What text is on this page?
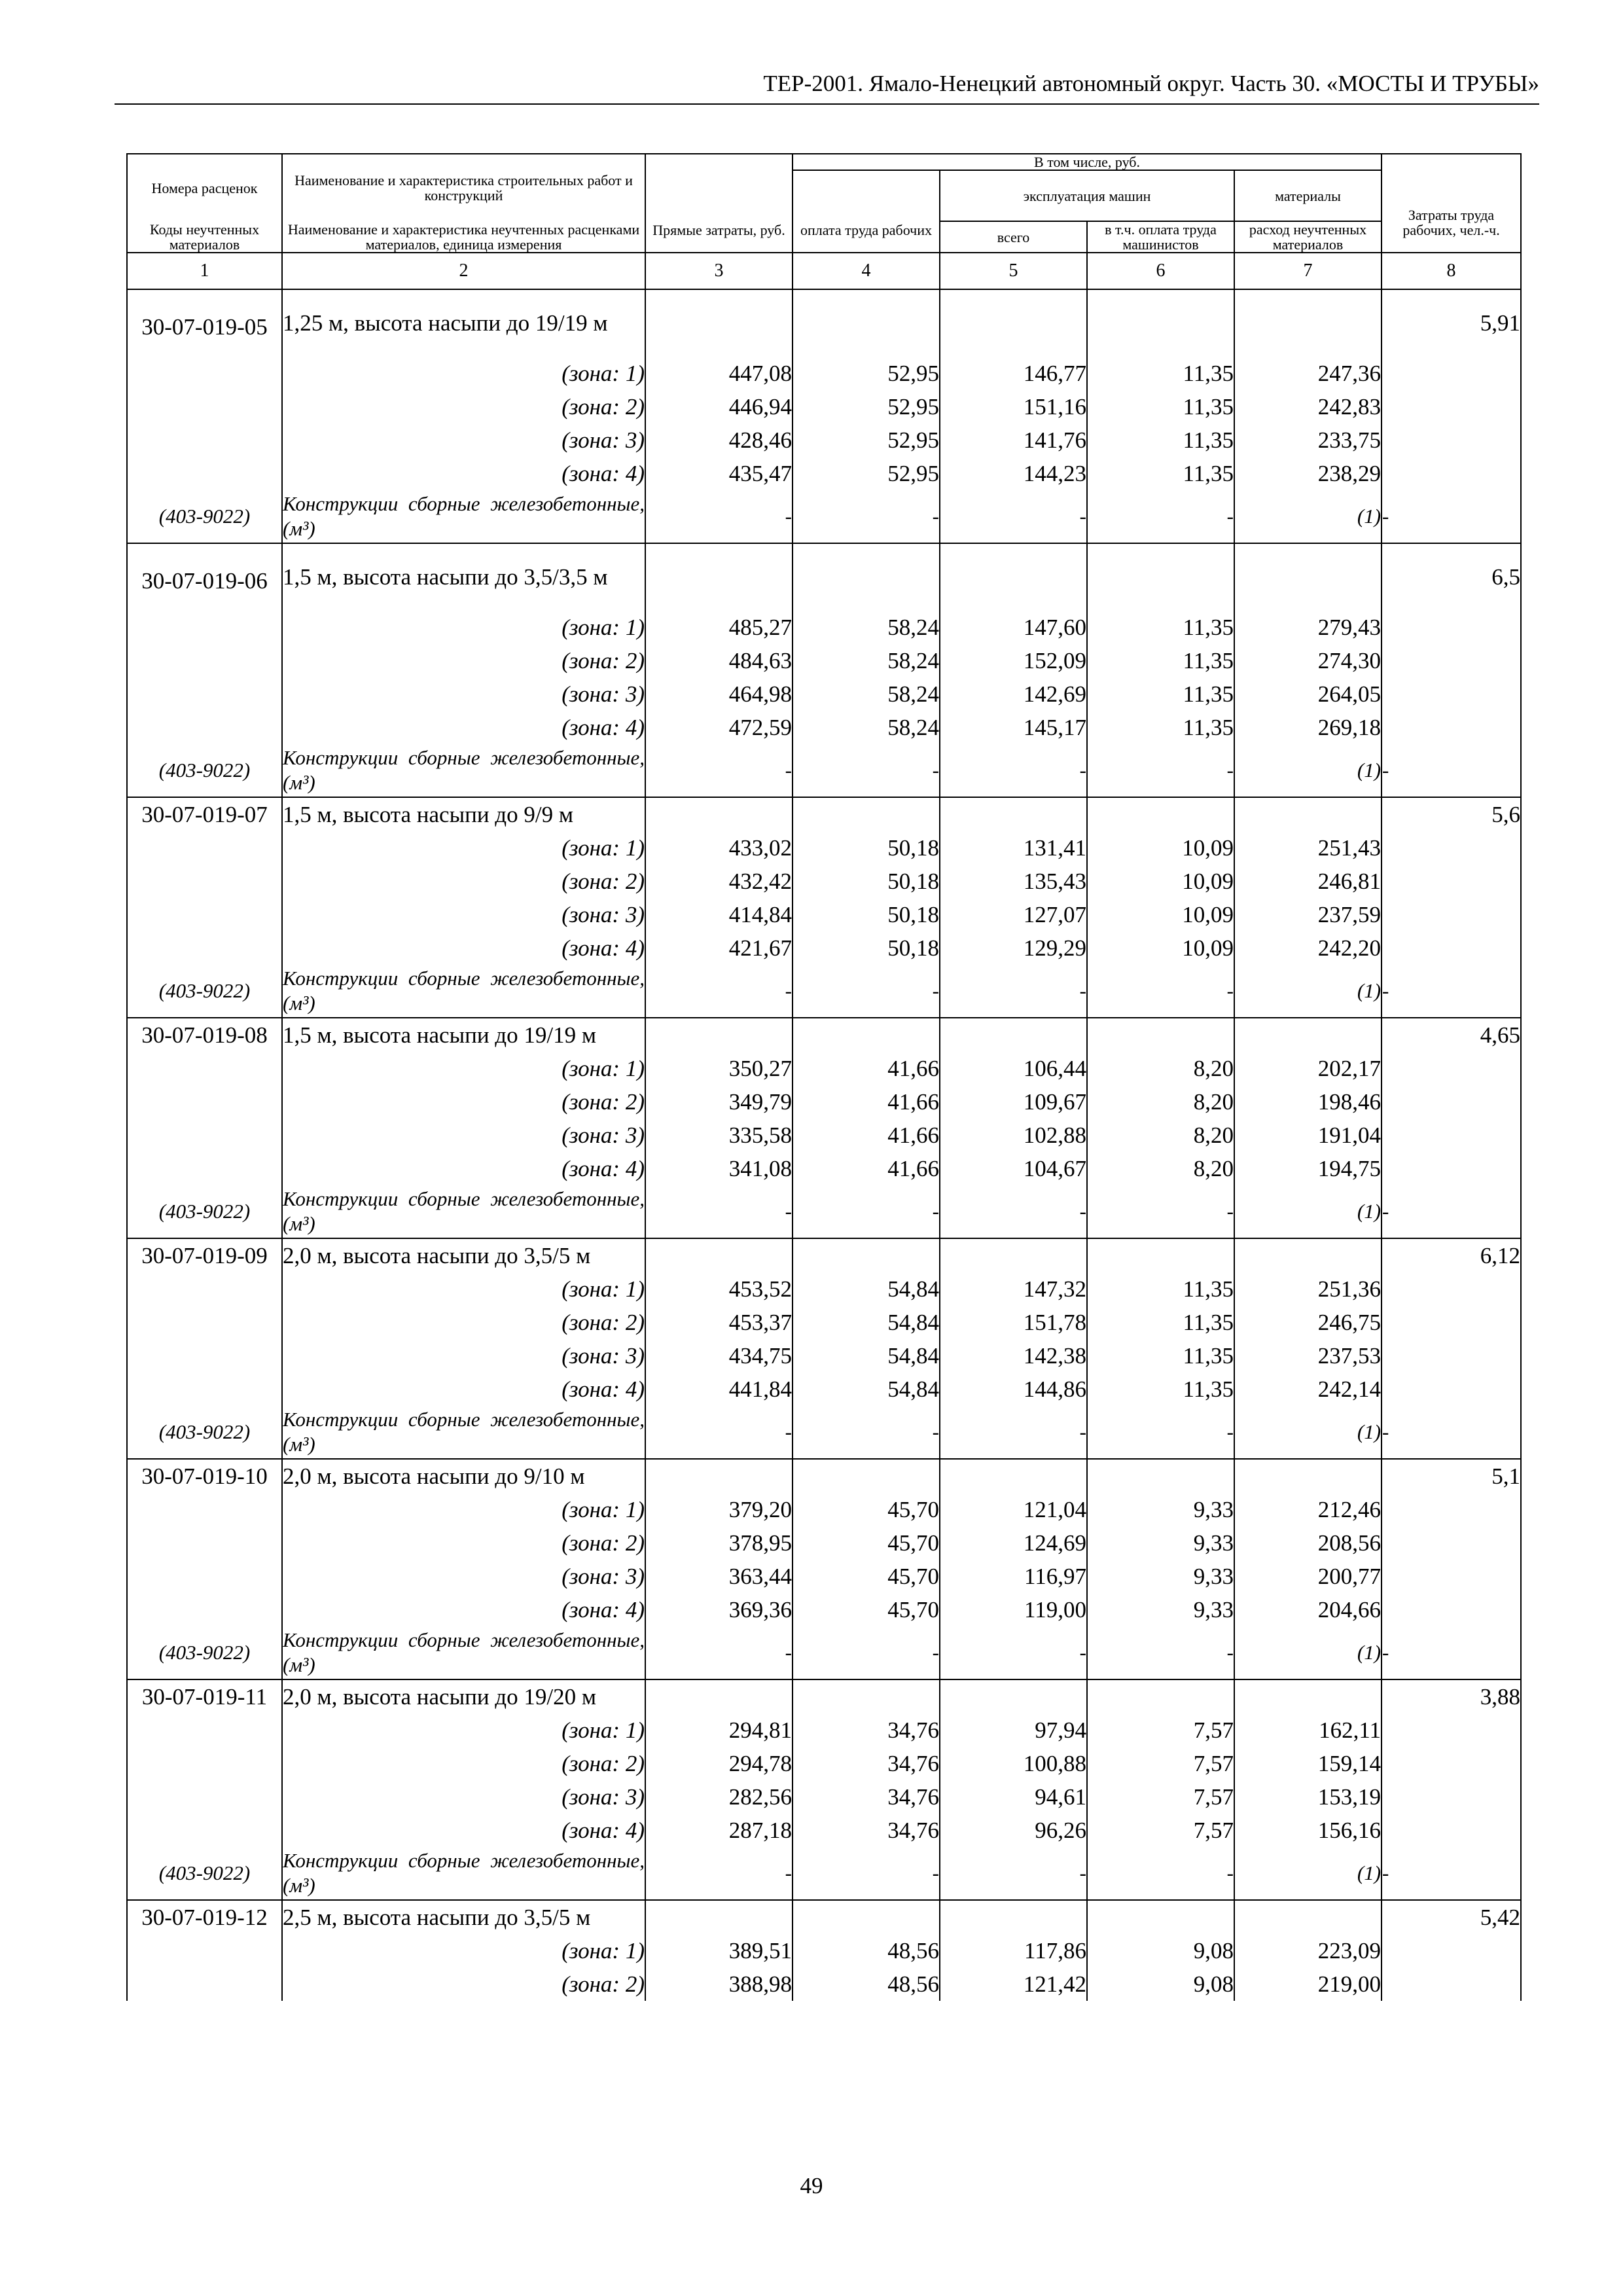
ТЕР-2001. Ямало-Ненецкий автономный округ. Часть 30. «МОСТЫ И ТРУБЫ»
Номера расценок	Наименование и характеристика строительных работ и конструкций	Прямые затраты, руб.	В том числе, руб.				Затраты труда рабочих, чел.-ч.
			оплата труда рабочих	эксплуатация машин		материалы	
Коды неучтенных материалов	Наименование и характеристика неучтенных расценками материалов, единица измерения			всего	в т.ч. оплата труда машинистов	расход неучтенных материалов	

1	2	3	4	5	6	7	8
30-07-019-05	1,25 м, высота насыпи до 19/19 м						5,91
	(зона: 1)	447,08	52,95	146,77	11,35	247,36	
	(зона: 2)	446,94	52,95	151,16	11,35	242,83	
	(зона: 3)	428,46	52,95	141,76	11,35	233,75	
	(зона: 4)	435,47	52,95	144,23	11,35	238,29	
(403-9022)	Конструкции сборные железобетонные, (м³)	-	-	-	-	(1)	-
30-07-019-06	1,5 м, высота насыпи до 3,5/3,5 м						6,5
	(зона: 1)	485,27	58,24	147,60	11,35	279,43	
	(зона: 2)	484,63	58,24	152,09	11,35	274,30	
	(зона: 3)	464,98	58,24	142,69	11,35	264,05	
	(зона: 4)	472,59	58,24	145,17	11,35	269,18	
(403-9022)	Конструкции сборные железобетонные, (м³)	-	-	-	-	(1)	-
30-07-019-07	1,5 м, высота насыпи до 9/9 м						5,6
	(зона: 1)	433,02	50,18	131,41	10,09	251,43	
	(зона: 2)	432,42	50,18	135,43	10,09	246,81	
	(зона: 3)	414,84	50,18	127,07	10,09	237,59	
	(зона: 4)	421,67	50,18	129,29	10,09	242,20	
(403-9022)	Конструкции сборные железобетонные, (м³)	-	-	-	-	(1)	-
30-07-019-08	1,5 м, высота насыпи до 19/19 м						4,65
	(зона: 1)	350,27	41,66	106,44	8,20	202,17	
	(зона: 2)	349,79	41,66	109,67	8,20	198,46	
	(зона: 3)	335,58	41,66	102,88	8,20	191,04	
	(зона: 4)	341,08	41,66	104,67	8,20	194,75	
(403-9022)	Конструкции сборные железобетонные, (м³)	-	-	-	-	(1)	-
30-07-019-09	2,0 м, высота насыпи до 3,5/5 м						6,12
	(зона: 1)	453,52	54,84	147,32	11,35	251,36	
	(зона: 2)	453,37	54,84	151,78	11,35	246,75	
	(зона: 3)	434,75	54,84	142,38	11,35	237,53	
	(зона: 4)	441,84	54,84	144,86	11,35	242,14	
(403-9022)	Конструкции сборные железобетонные, (м³)	-	-	-	-	(1)	-
30-07-019-10	2,0 м, высота насыпи до 9/10 м						5,1
	(зона: 1)	379,20	45,70	121,04	9,33	212,46	
	(зона: 2)	378,95	45,70	124,69	9,33	208,56	
	(зона: 3)	363,44	45,70	116,97	9,33	200,77	
	(зона: 4)	369,36	45,70	119,00	9,33	204,66	
(403-9022)	Конструкции сборные железобетонные, (м³)	-	-	-	-	(1)	-
30-07-019-11	2,0 м, высота насыпи до 19/20 м						3,88
	(зона: 1)	294,81	34,76	97,94	7,57	162,11	
	(зона: 2)	294,78	34,76	100,88	7,57	159,14	
	(зона: 3)	282,56	34,76	94,61	7,57	153,19	
	(зона: 4)	287,18	34,76	96,26	7,57	156,16	
(403-9022)	Конструкции сборные железобетонные, (м³)	-	-	-	-	(1)	-
30-07-019-12	2,5 м, высота насыпи до 3,5/5 м						5,42
	(зона: 1)	389,51	48,56	117,86	9,08	223,09	
	(зона: 2)	388,98	48,56	121,42	9,08	219,00	
49
